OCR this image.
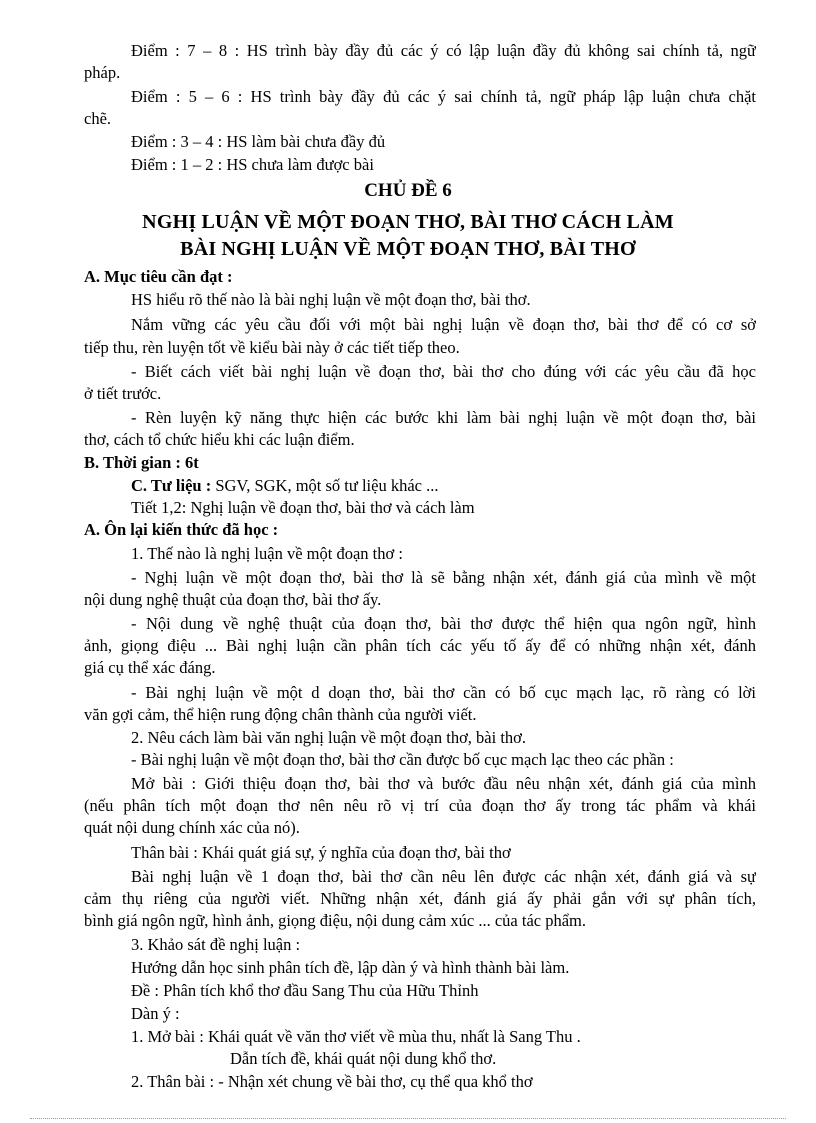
Điểm : 7 – 8 : HS trình bày đầy đủ các ý có lập luận đầy đủ không sai chính tả, ngữ
pháp.
Điểm : 5 – 6 : HS trình bày đầy đủ các ý sai chính tả, ngữ pháp lập luận chưa chặt
chẽ.
Điểm : 3 – 4 : HS làm bài chưa đầy đủ
Điểm : 1 – 2 : HS chưa làm được bài
CHỦ ĐỀ 6
NGHỊ LUẬN VỀ MỘT ĐOẠN THƠ, BÀI THƠ CÁCH LÀM
BÀI NGHỊ LUẬN VỀ MỘT ĐOẠN THƠ, BÀI THƠ
A. Mục tiêu cần đạt :
HS hiểu rõ thế nào là bài nghị luận về một đoạn thơ, bài thơ.
Nắm vững các yêu cầu đối với một bài nghị luận về đoạn thơ, bài thơ để có cơ sở
tiếp thu, rèn luyện tốt về kiểu bài này ở các tiết tiếp theo.
- Biết cách viết bài nghị luận về đoạn thơ, bài thơ cho đúng với các yêu cầu đã học
ở tiết trước.
- Rèn luyện kỹ năng thực hiện các bước khi làm bài nghị luận về một đoạn thơ, bài
thơ, cách tổ chức hiểu khi các luận điểm.
B. Thời gian : 6t
C. Tư liệu : SGV, SGK, một số tư liệu khác ...
Tiết 1,2: Nghị luận về đoạn thơ, bài thơ và cách làm
A. Ôn lại kiến thức đã học :
1. Thế nào là nghị luận về một đoạn thơ :
- Nghị luận về một đoạn thơ, bài thơ là sẽ bằng nhận xét, đánh giá của mình về một
nội dung nghệ thuật của đoạn thơ, bài thơ ấy.
- Nội dung về nghệ thuật của đoạn thơ, bài thơ được thể hiện qua ngôn ngữ, hình
ảnh, giọng điệu ... Bài nghị luận cần phân tích các yếu tố ấy để có những nhận xét, đánh
giá cụ thể xác đáng.
- Bài nghị luận về một d doạn thơ, bài thơ cần có bố cục mạch lạc, rõ ràng có lời
văn gợi cảm, thể hiện rung động chân thành của người viết.
2. Nêu cách làm bài văn nghị luận về một đoạn thơ, bài thơ.
- Bài nghị luận về một đoạn thơ, bài thơ cần được bố cục mạch lạc theo các phần :
Mở bài : Giới thiệu đoạn thơ, bài thơ và bước đầu nêu nhận xét, đánh giá của mình
(nếu phân tích một đoạn thơ nên nêu rõ vị trí của đoạn thơ ấy trong tác phẩm và khái
quát nội dung chính xác của nó).
Thân bài : Khái quát giá sự, ý nghĩa của đoạn thơ, bài thơ
Bài nghị luận về 1 đoạn thơ, bài thơ cần nêu lên được các nhận xét, đánh giá và sự
cảm thụ riêng của người viết. Những nhận xét, đánh giá ấy phải gắn với sự phân tích,
bình giá ngôn ngữ, hình ảnh, giọng điệu, nội dung cảm xúc ... của tác phẩm.
3. Khảo sát đề nghị luận :
Hướng dẫn học sinh phân tích đề, lập dàn ý và hình thành bài làm.
Đề : Phân tích khổ thơ đầu Sang Thu của Hữu Thỉnh
Dàn ý :
1. Mở bài : Khái quát về văn thơ viết về mùa thu, nhất là Sang Thu .
Dẫn tích đề, khái quát nội dung khổ thơ.
2. Thân bài : - Nhận xét chung về bài thơ, cụ thể qua khổ thơ
